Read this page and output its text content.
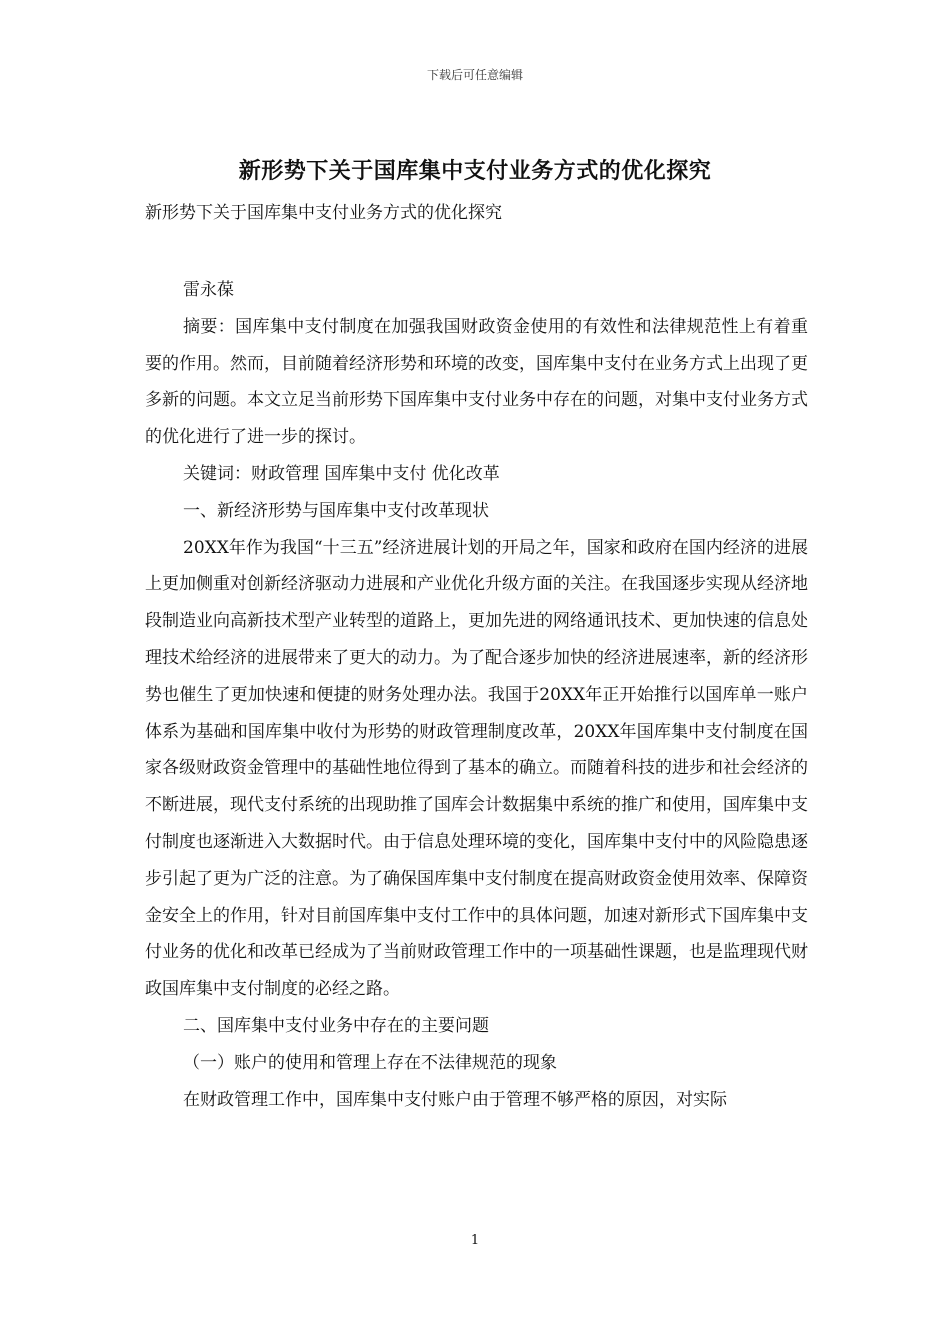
下载后可任意编辑
新形势下关于国库集中支付业务方式的优化探究
新形势下关于国库集中支付业务方式的优化探究

雷永葆

摘要：国库集中支付制度在加强我国财政资金使用的有效性和法律规范性上有着重要的作用。然而，目前随着经济形势和环境的改变，国库集中支付在业务方式上出现了更多新的问题。本文立足当前形势下国库集中支付业务中存在的问题，对集中支付业务方式的优化进行了进一步的探讨。

关键词：财政管理 国库集中支付 优化改革

一、新经济形势与国库集中支付改革现状

20XX年作为我国“十三五”经济进展计划的开局之年，国家和政府在国内经济的进展上更加侧重对创新经济驱动力进展和产业优化升级方面的关注。在我国逐步实现从经济地段制造业向高新技术型产业转型的道路上，更加先进的网络通讯技术、更加快速的信息处理技术给经济的进展带来了更大的动力。为了配合逐步加快的经济进展速率，新的经济形势也催生了更加快速和便捷的财务处理办法。我国于20XX年正开始推行以国库单一账户体系为基础和国库集中收付为形势的财政管理制度改革，20XX年国库集中支付制度在国家各级财政资金管理中的基础性地位得到了基本的确立。而随着科技的进步和社会经济的不断进展，现代支付系统的出现助推了国库会计数据集中系统的推广和使用，国库集中支付制度也逐渐进入大数据时代。由于信息处理环境的变化，国库集中支付中的风险隐患逐步引起了更为广泛的注意。为了确保国库集中支付制度在提高财政资金使用效率、保障资金安全上的作用，针对目前国库集中支付工作中的具体问题，加速对新形式下国库集中支付业务的优化和改革已经成为了当前财政管理工作中的一项基础性课题，也是监理现代财政国库集中支付制度的必经之路。

二、国库集中支付业务中存在的主要问题

（一）账户的使用和管理上存在不法律规范的现象

在财政管理工作中，国库集中支付账户由于管理不够严格的原因，对实际

1
